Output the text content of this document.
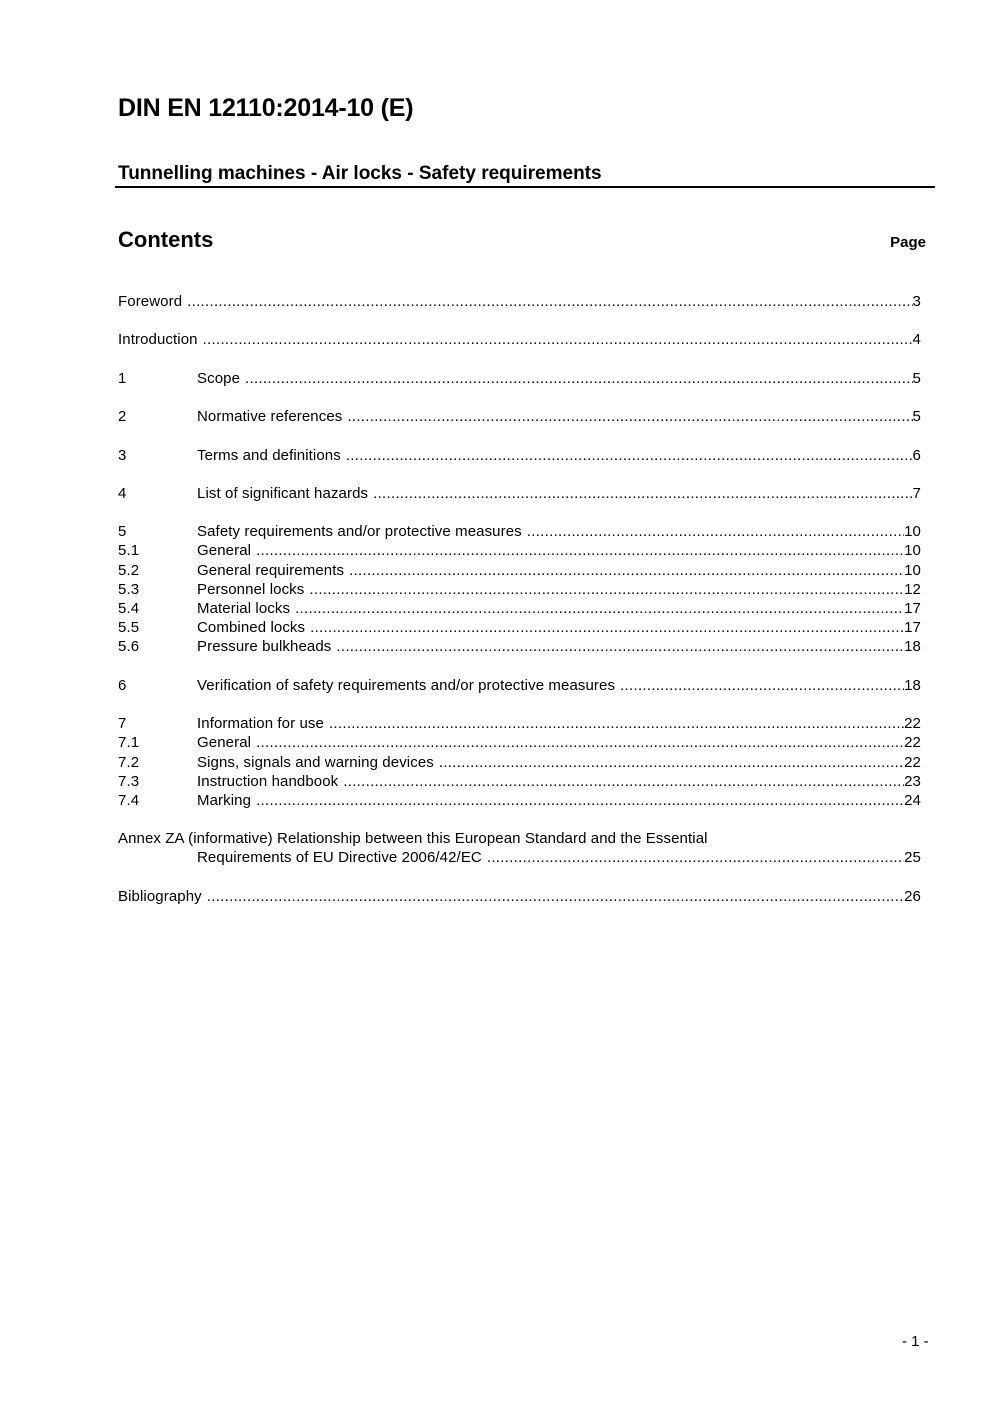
DIN EN 12110:2014-10 (E)
Tunnelling machines - Air locks - Safety requirements
Contents	Page
Foreword .....	3
Introduction .....	4
1	Scope .....	5
2	Normative references .....	5
3	Terms and definitions .....	6
4	List of significant hazards .....	7
5	Safety requirements and/or protective measures .....	10
5.1	General .....	10
5.2	General requirements .....	10
5.3	Personnel locks .....	12
5.4	Material locks .....	17
5.5	Combined locks .....	17
5.6	Pressure bulkheads .....	18
6	Verification of safety requirements and/or protective measures .....	18
7	Information for use .....	22
7.1	General .....	22
7.2	Signs, signals and warning devices .....	22
7.3	Instruction handbook .....	23
7.4	Marking .....	24
Annex ZA (informative) Relationship between this European Standard and the Essential
Requirements of EU Directive 2006/42/EC .....	25
Bibliography .....	26
- 1 -
